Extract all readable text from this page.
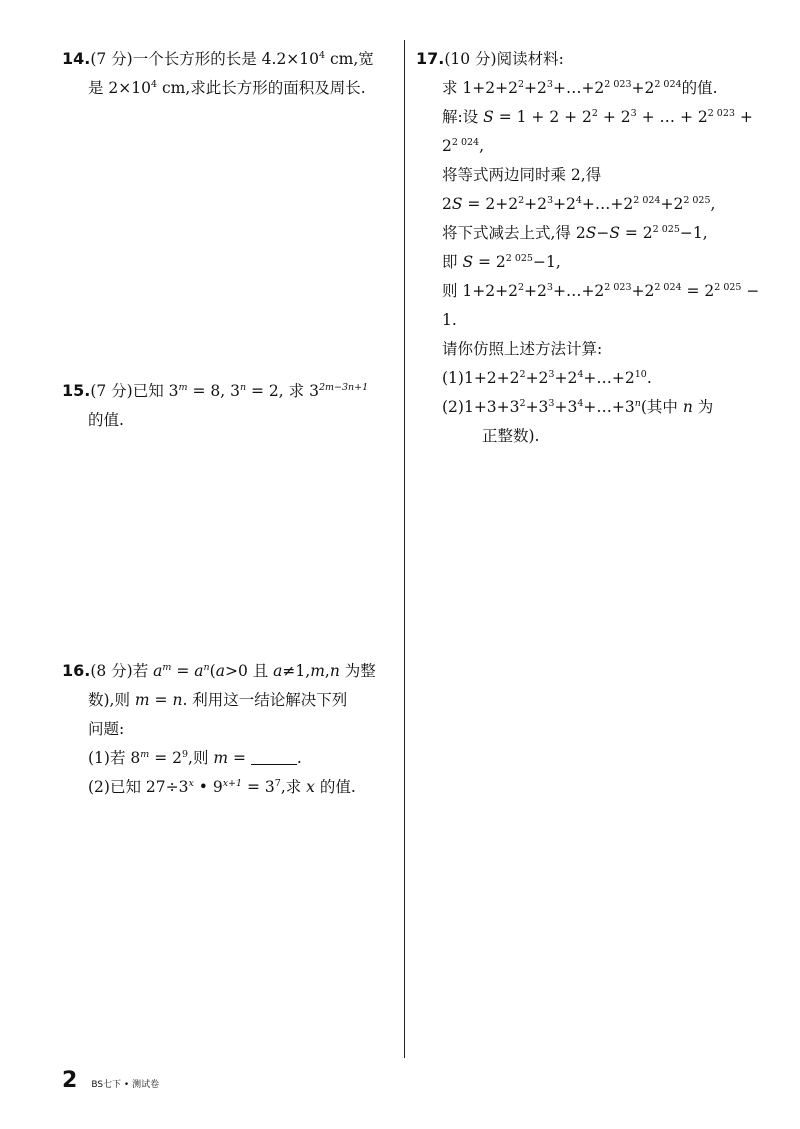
14.(7 分)一个长方形的长是 $4.2\times 10^4$ cm,宽
是 $2\times 10^4$ cm,求此长方形的面积及周长.
15.(7 分)已知 $3^m = 8$, $3^n = 2$, 求 $3^{2m-3n+1}$
的值.
16.(8 分)若 $a^m = a^n(a>0$ 且 a≠1,m,n 为整
数),则 m = n. 利用这一结论解决下列
问题:
(1)若 $8^m = 2^9$,则 m =	.
(2)已知 $27\div 3^x$ • $9^{x+1} = 3^7$,求 x 的值.
17.(10 分)阅读材料:
求 $1+2+2^2+2^3+\dots+2^{2 023}+2^{2 024}$的值.
解:设 $S = 1 + 2 + 2^2 + 2^3$ + … + $2^{2 023}$ +
$2^{2 024}$,
将等式两边同时乘 2,得
$2S = 2+2^2+2^3+2^4+\dots+2^{2 024}+2^{2 025}$,
将下式减去上式,得 $2S-S = 2^{2 025}-1$,
即 $S = 2^{2 025}-1$,
则 $1+2+2^2+2^3+\dots+2^{2 023}+2^{2 024} = 2^{2 025}$ −
1.
请你仿照上述方法计算:
$(1)1+2+2^2+2^3+2^4+\dots+2^{10}$.
$(2)1+3+3^2+3^3+3^4+\dots+3^n$(其中 n 为
正整数).
2 BS七下 • 测试卷
